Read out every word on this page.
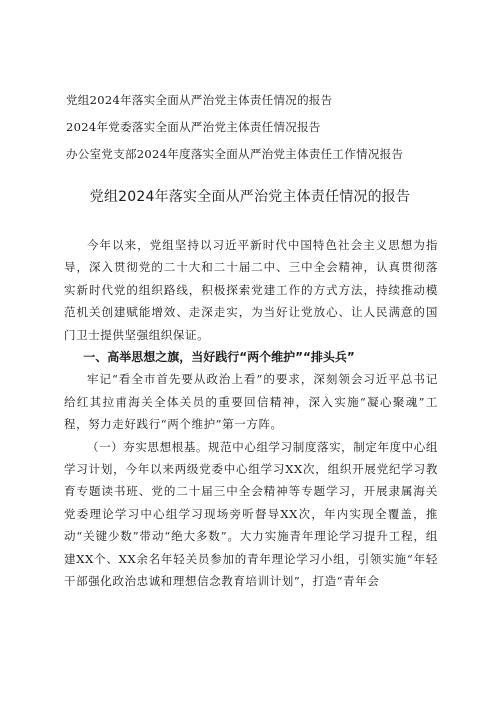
党组2024年落实全面从严治党主体责任情况的报告
2024年党委落实全面从严治党主体责任情况报告
办公室党支部2024年度落实全面从严治党主体责任工作情况报告
党组2024年落实全面从严治党主体责任情况的报告

今年以来，党组坚持以习近平新时代中国特色社会主义思想为指导，深入贯彻党的二十大和二十届二中、三中全会精神，认真贯彻落实新时代党的组织路线，积极探索党建工作的方式方法，持续推动模范机关创建赋能增效、走深走实，为当好让党放心、让人民满意的国门卫士提供坚强组织保证。

一、高举思想之旗，当好践行“两个维护”“排头兵”

牢记“看全市首先要从政治上看”的要求，深刻领会习近平总书记给红其拉甫海关全体关员的重要回信精神，深入实施“凝心聚魂”工程，努力走好践行“两个维护”第一方阵。

（一）夯实思想根基。规范中心组学习制度落实，制定年度中心组学习计划，今年以来两级党委中心组学习XX次，组织开展党纪学习教育专题读书班、党的二十届三中全会精神等专题学习，开展隶属海关党委理论学习中心组学习现场旁听督导XX次，年内实现全覆盖，推动“关键少数”带动“绝大多数”。大力实施青年理论学习提升工程，组建XX个、XX余名年轻关员参加的青年理论学习小组，引领实施“年轻干部强化政治忠诚和理想信念教育培训计划”，打造“青年会
